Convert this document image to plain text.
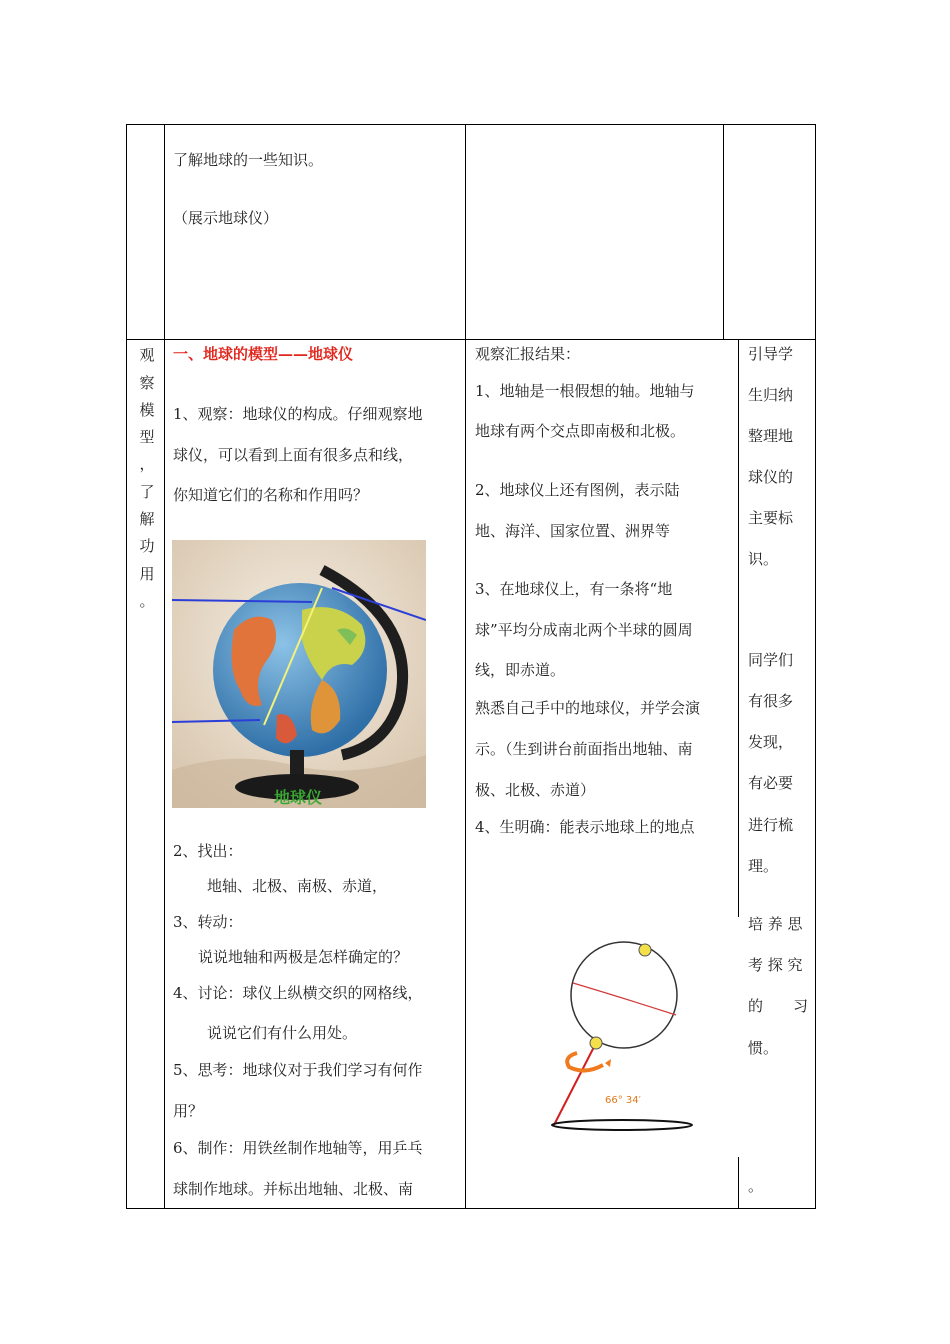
了解地球的一些知识。
（展示地球仪）
观
察
模
型
，
了
解
功
用
。
一、地球的模型——地球仪
1、观察：地球仪的构成。仔细观察地
球仪，可以看到上面有很多点和线，
你知道它们的名称和作用吗？
地球仪
2、找出：
地轴、北极、南极、赤道，
3、转动：
说说地轴和两极是怎样确定的？
4、讨论：球仪上纵横交织的网格线，
说说它们有什么用处。
5、思考：地球仪对于我们学习有何作
用？
6、制作：用铁丝制作地轴等，用乒乓
球制作地球。并标出地轴、北极、南
观察汇报结果：
1、地轴是一根假想的轴。地轴与
地球有两个交点即南极和北极。
2、地球仪上还有图例，表示陆
地、海洋、国家位置、洲界等
3、在地球仪上，有一条将“地
球”平均分成南北两个半球的圆周
线，即赤道。
熟悉自己手中的地球仪，并学会演
示。（生到讲台前面指出地轴、南
极、北极、赤道）
4、生明确：能表示地球上的地点
66° 34′
引导学
生归纳
整理地
球仪的
主要标
识。
同学们
有很多
发现，
有必要
进行梳
理。
培 养 思
考 探 究
的　　习
惯。
。
